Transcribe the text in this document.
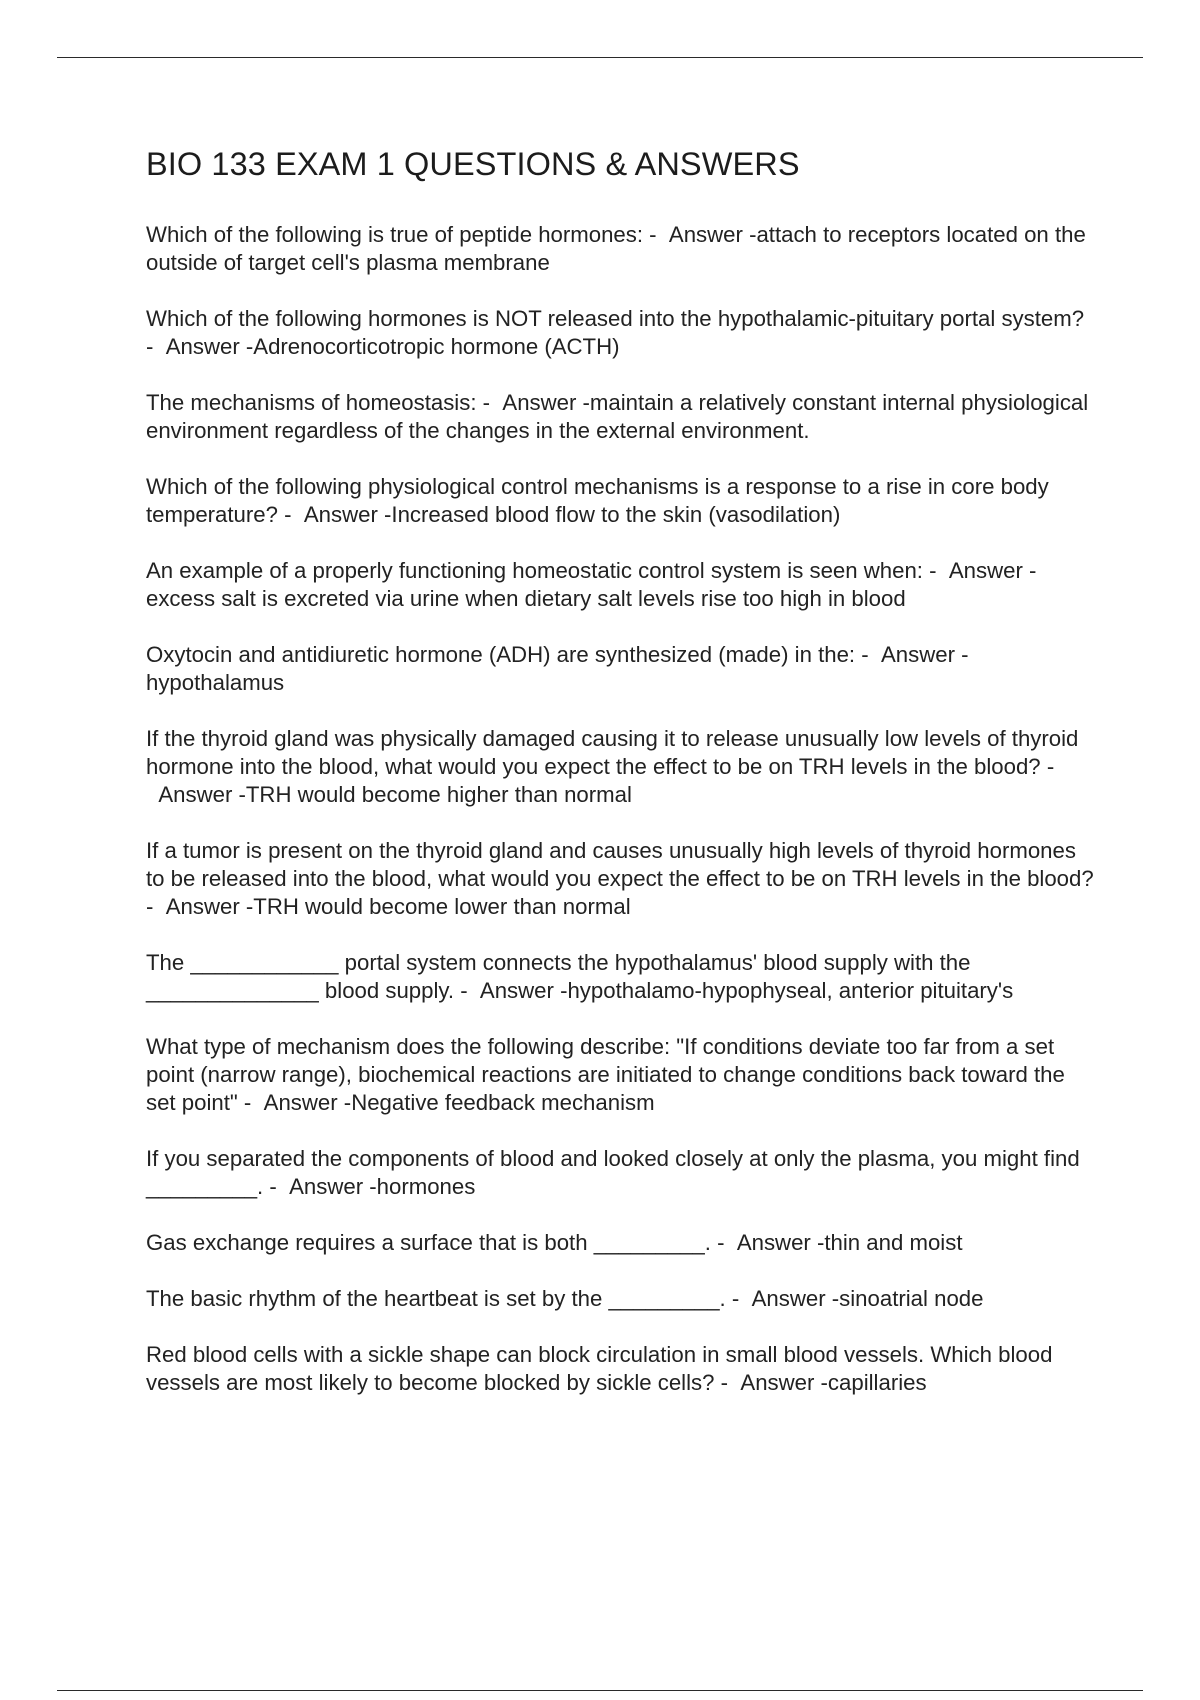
BIO 133 EXAM 1 QUESTIONS & ANSWERS

Which of the following is true of peptide hormones: - Answer -attach to receptors located on the outside of target cell's plasma membrane

Which of the following hormones is NOT released into the hypothalamic-pituitary portal system? - Answer -Adrenocorticotropic hormone (ACTH)

The mechanisms of homeostasis: - Answer -maintain a relatively constant internal physiological environment regardless of the changes in the external environment.

Which of the following physiological control mechanisms is a response to a rise in core body temperature? - Answer -Increased blood flow to the skin (vasodilation)

An example of a properly functioning homeostatic control system is seen when: - Answer -excess salt is excreted via urine when dietary salt levels rise too high in blood

Oxytocin and antidiuretic hormone (ADH) are synthesized (made) in the: - Answer -hypothalamus

If the thyroid gland was physically damaged causing it to release unusually low levels of thyroid hormone into the blood, what would you expect the effect to be on TRH levels in the blood? -  Answer -TRH would become higher than normal

If a tumor is present on the thyroid gland and causes unusually high levels of thyroid hormones to be released into the blood, what would you expect the effect to be on TRH levels in the blood? - Answer -TRH would become lower than normal

The ____________ portal system connects the hypothalamus' blood supply with the ______________ blood supply. - Answer -hypothalamo-hypophyseal, anterior pituitary's

What type of mechanism does the following describe: "If conditions deviate too far from a set point (narrow range), biochemical reactions are initiated to change conditions back toward the set point" - Answer -Negative feedback mechanism

If you separated the components of blood and looked closely at only the plasma, you might find _________. - Answer -hormones

Gas exchange requires a surface that is both _________. - Answer -thin and moist

The basic rhythm of the heartbeat is set by the _________. - Answer -sinoatrial node

Red blood cells with a sickle shape can block circulation in small blood vessels. Which blood vessels are most likely to become blocked by sickle cells? - Answer -capillaries
